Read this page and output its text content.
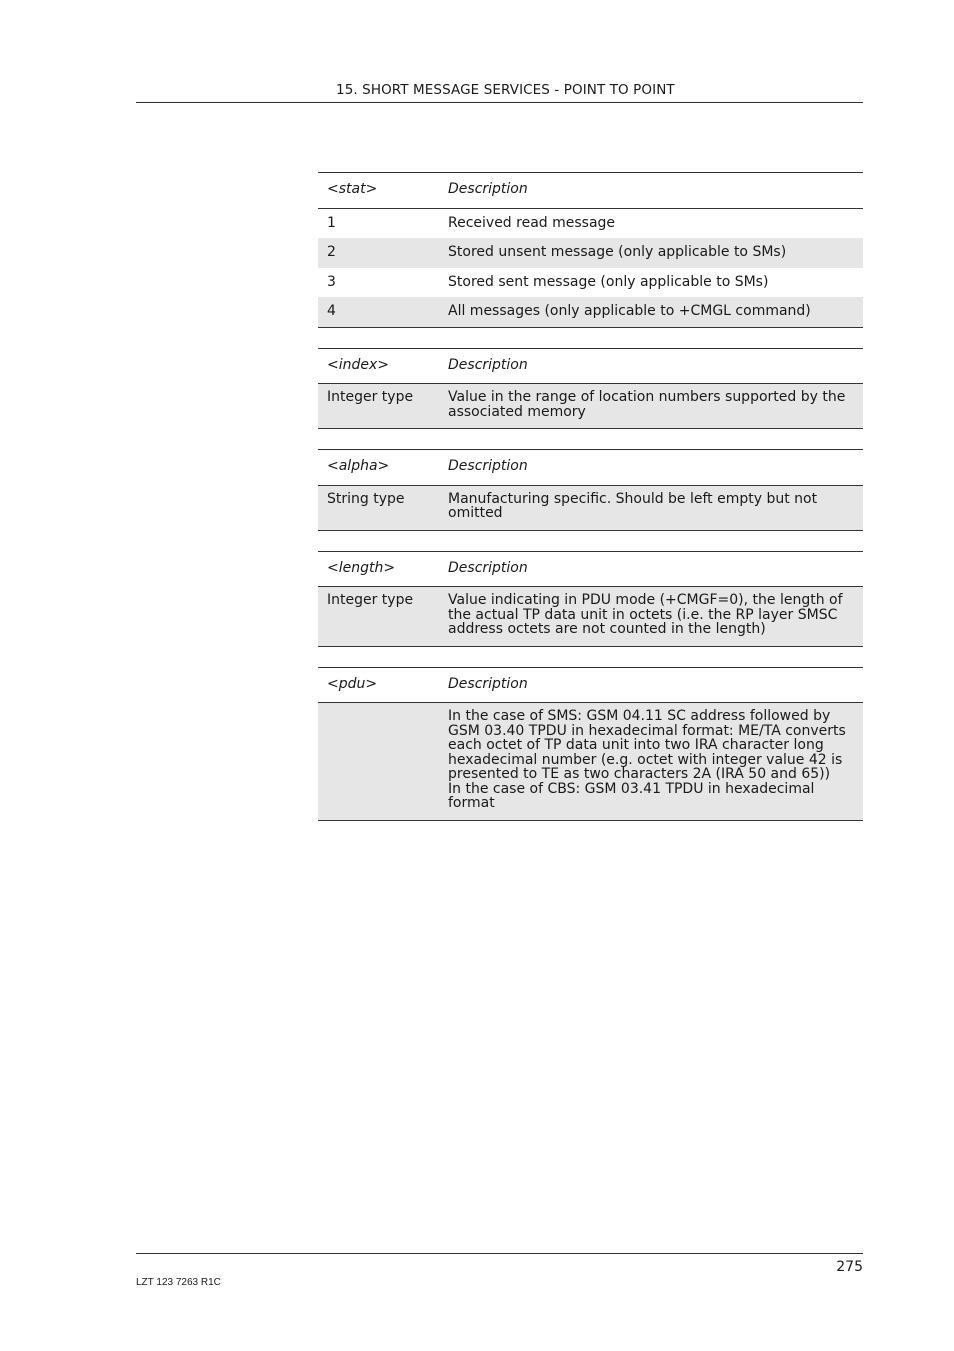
15. SHORT MESSAGE SERVICES - POINT TO POINT
<stat>	Description
1	Received read message
2	Stored unsent message (only applicable to SMs)
3	Stored sent message (only applicable to SMs)
4	All messages (only applicable to +CMGL command)
<index>	Description
Integer type	Value in the range of location numbers supported by the associated memory
<alpha>	Description
String type	Manufacturing specific. Should be left empty but not omitted
<length>	Description
Integer type	Value indicating in PDU mode (+CMGF=0), the length of the actual TP data unit in octets (i.e. the RP layer SMSC address octets are not counted in the length)
<pdu>	Description
	In the case of SMS: GSM 04.11 SC address followed by GSM 03.40 TPDU in hexadecimal format: ME/TA converts each octet of TP data unit into two IRA character long hexadecimal number (e.g. octet with integer value 42 is presented to TE as two characters 2A (IRA 50 and 65))
In the case of CBS: GSM 03.41 TPDU in hexadecimal format
275
LZT 123 7263 R1C
